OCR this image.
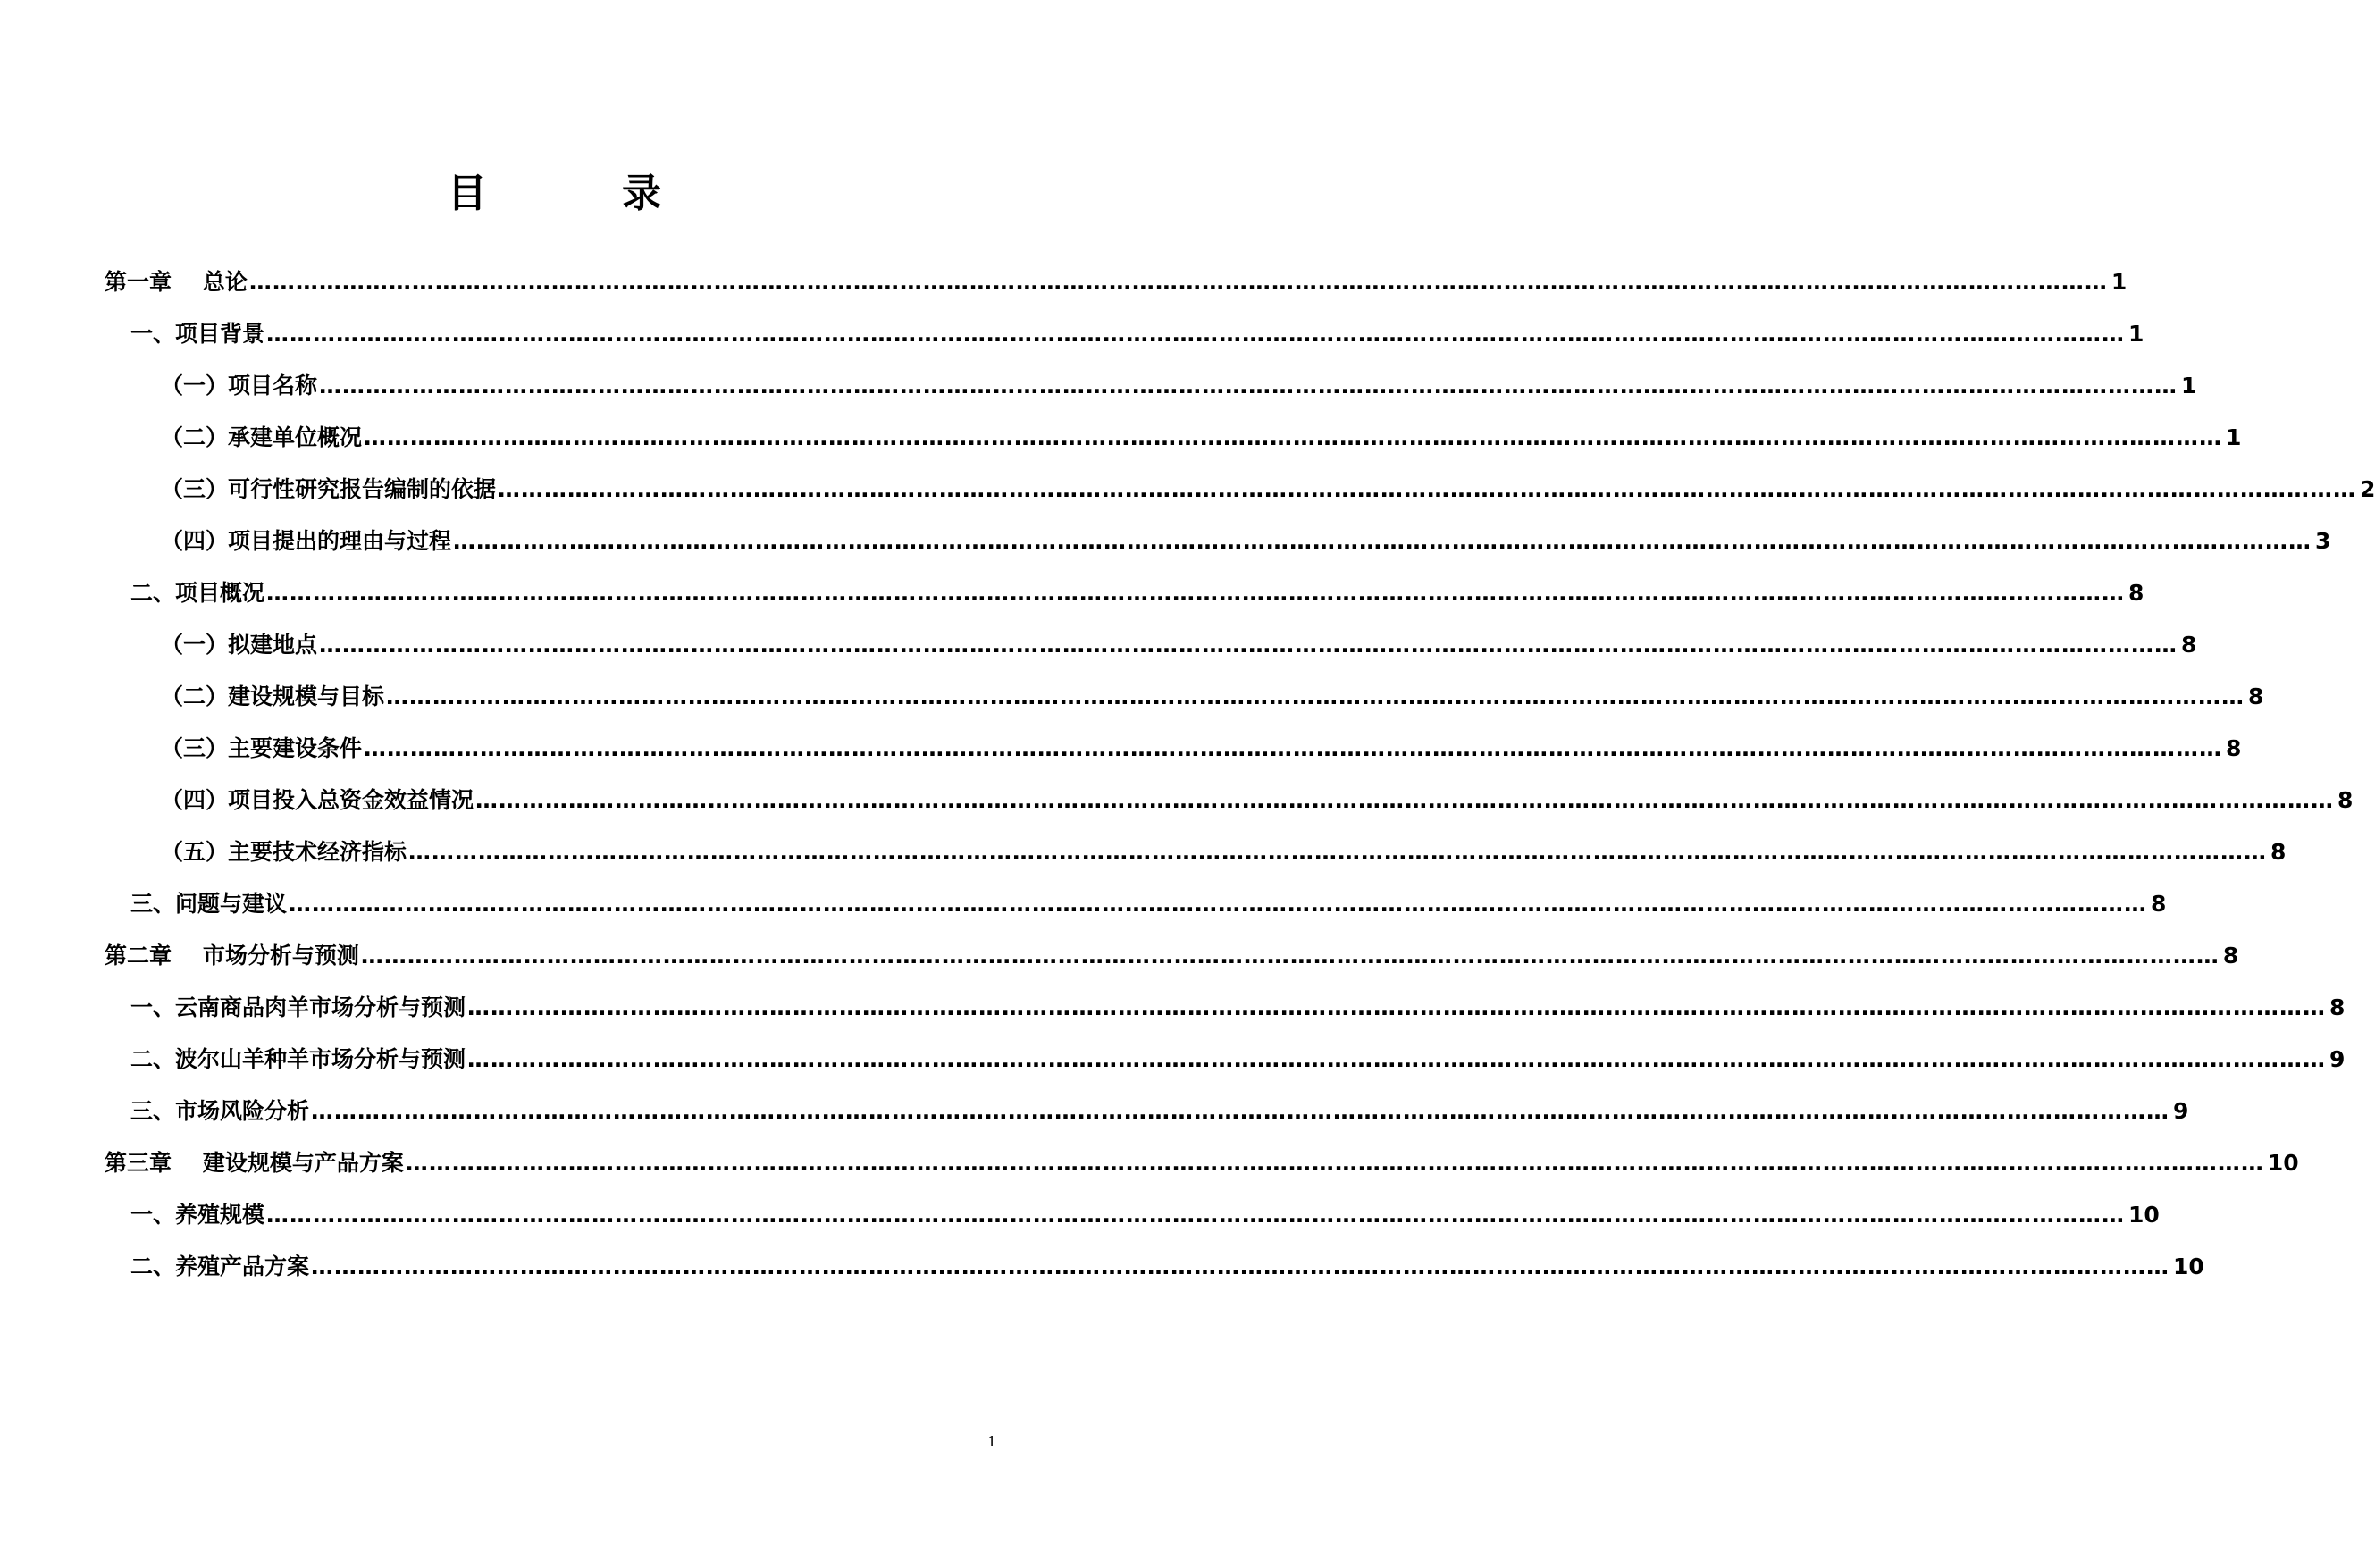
目 录
第一章    总论 …………………………………………………………………………………………………………………………………………………………………………………………………………………… 1
一、项目背景 …………………………………………………………………………………………………………………………………………………………………………………………………………………… 1
（一）项目名称 …………………………………………………………………………………………………………………………………………………………………………………………………………………… 1
（二）承建单位概况 …………………………………………………………………………………………………………………………………………………………………………………………………………………… 1
（三）可行性研究报告编制的依据 …………………………………………………………………………………………………………………………………………………………………………………………………………………… 2
（四）项目提出的理由与过程 …………………………………………………………………………………………………………………………………………………………………………………………………………………… 3
二、项目概况 …………………………………………………………………………………………………………………………………………………………………………………………………………………… 8
（一）拟建地点 …………………………………………………………………………………………………………………………………………………………………………………………………………………… 8
（二）建设规模与目标 …………………………………………………………………………………………………………………………………………………………………………………………………………………… 8
（三）主要建设条件 …………………………………………………………………………………………………………………………………………………………………………………………………………………… 8
（四）项目投入总资金效益情况 …………………………………………………………………………………………………………………………………………………………………………………………………………………… 8
（五）主要技术经济指标 …………………………………………………………………………………………………………………………………………………………………………………………………………………… 8
三、问题与建议 …………………………………………………………………………………………………………………………………………………………………………………………………………………… 8
第二章    市场分析与预测 …………………………………………………………………………………………………………………………………………………………………………………………………………………… 8
一、云南商品肉羊市场分析与预测 …………………………………………………………………………………………………………………………………………………………………………………………………………………… 8
二、波尔山羊种羊市场分析与预测 …………………………………………………………………………………………………………………………………………………………………………………………………………………… 9
三、市场风险分析 …………………………………………………………………………………………………………………………………………………………………………………………………………………… 9
第三章    建设规模与产品方案 …………………………………………………………………………………………………………………………………………………………………………………………………………………… 10
一、养殖规模 …………………………………………………………………………………………………………………………………………………………………………………………………………………… 10
二、养殖产品方案 …………………………………………………………………………………………………………………………………………………………………………………………………………………… 10
1
